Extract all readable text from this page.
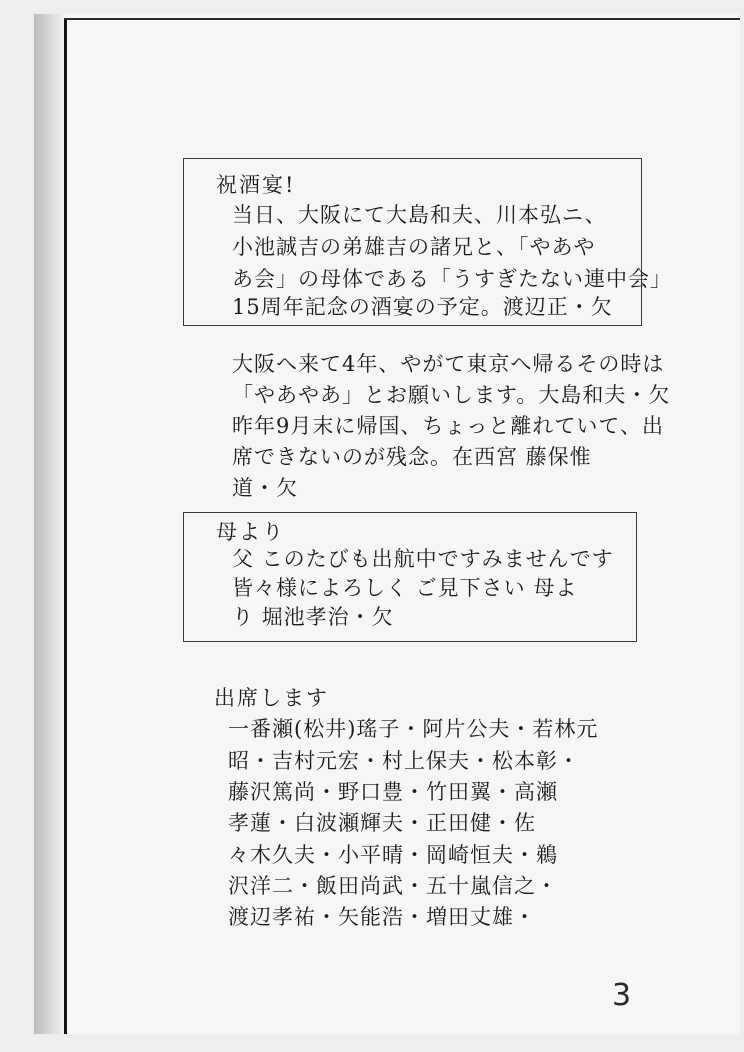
祝酒宴!
当日、大阪にて大島和夫、川本弘ニ、
小池誠吉の弟雄吉の諸兄と、「やあや
あ会」の母体である「うすぎたない連中会」
15周年記念の酒宴の予定。渡辺正・欠
大阪へ来て4年、やがて東京へ帰るその時は
「やあやあ」とお願いします。大島和夫・欠
昨年9月末に帰国、ちょっと離れていて、出
席できないのが残念。在西宮 藤保惟
道・欠
母より
父 このたびも出航中ですみませんです
皆々様によろしく ご見下さい 母よ
り 堀池孝治・欠
出席します
一番瀬(松井)瑤子・阿片公夫・若林元
昭・吉村元宏・村上保夫・松本彰・
藤沢篤尚・野口豊・竹田翼・高瀬
孝蓮・白波瀬輝夫・正田健・佐
々木久夫・小平晴・岡崎恒夫・鵜
沢洋二・飯田尚武・五十嵐信之・
渡辺孝祐・矢能浩・増田丈雄・
3
